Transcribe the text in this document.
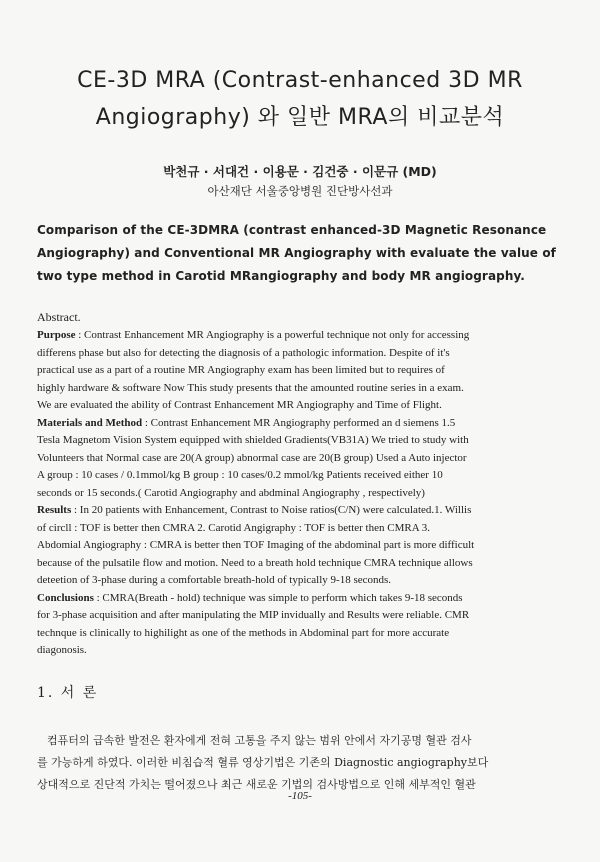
CE-3D MRA (Contrast-enhanced 3D MR
Angiography) 와 일반 MRA의 비교분석
박천규 · 서대건 · 이용문 · 김건중 · 이문규 (MD)
아산재단 서울중앙병원 진단방사선과
Comparison of the CE-3DMRA (contrast enhanced-3D Magnetic Resonance
Angiography) and Conventional MR Angiography with evaluate the value of
two type method in Carotid MRangiography and body MR angiography.
Abstract.
Purpose : Contrast Enhancement MR Angiography is a powerful technique not only for accessing
differens phase but also for detecting the diagnosis of a pathologic information. Despite of it's
practical use as a part of a routine MR Angiography exam has been limited but to requires of
highly hardware & software Now This study presents that the amounted routine series in a exam.
We are evaluated the ability of Contrast Enhancement MR Angiography and Time of Flight.
Materials and Method : Contrast Enhancement MR Angiography performed an d siemens 1.5
Tesla Magnetom Vision System equipped with shielded Gradients(VB31A) We tried to study with
Volunteers that Normal case are 20(A group) abnormal case are 20(B group) Used a Auto injector
A group : 10 cases / 0.1mmol/kg B group : 10 cases/0.2 mmol/kg Patients received either 10
seconds or 15 seconds.( Carotid Angiography and abdminal Angiography , respectively)
Results : In 20 patients with Enhancement, Contrast to Noise ratios(C/N) were calculated.1. Willis
of circll : TOF is better then CMRA 2. Carotid Angigraphy : TOF is better then CMRA 3.
Abdomial Angiography : CMRA is better then TOF Imaging of the abdominal part is more difficult
because of the pulsatile flow and motion. Need to a breath hold technique CMRA technique allows
deteetion of 3-phase during a comfortable breath-hold of typically 9-18 seconds.
Conclusions : CMRA(Breath - hold) technique was simple to perform which takes 9-18 seconds
for 3-phase acquisition and after manipulating the MIP invidually and Results were reliable. CMR
technque is clinically to highilight as one of the methods in Abdominal part for more accurate
diagonosis.
1. 서 론
컴퓨터의 급속한 발전은 환자에게 전혀 고통을 주지 않는 범위 안에서 자기공명 혈관 검사
를 가능하게 하였다. 이러한 비침습적 혈류 영상기법은 기존의 Diagnostic angiography보다
상대적으로 진단적 가치는 떨어졌으나 최근 새로운 기법의 검사방법으로 인해 세부적인 혈관
-105-
